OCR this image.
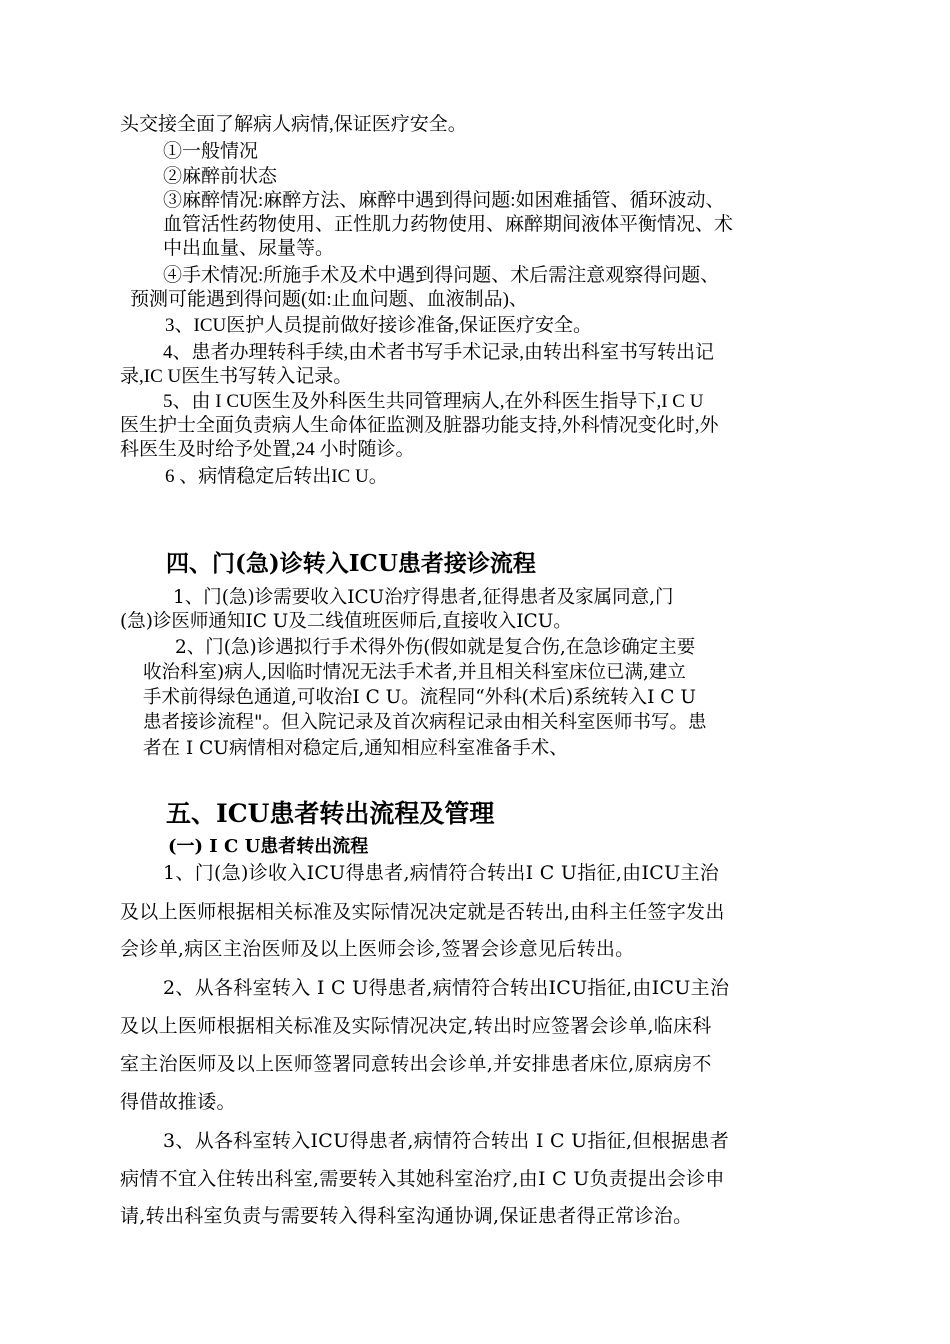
头交接全面了解病人病情,保证医疗安全。
①一般情况
②麻醉前状态
③麻醉情况:麻醉方法、麻醉中遇到得问题:如困难插管、循环波动、
血管活性药物使用、正性肌力药物使用、麻醉期间液体平衡情况、术
中出血量、尿量等。
④手术情况:所施手术及术中遇到得问题、术后需注意观察得问题、
预测可能遇到得问题(如:止血问题、血液制品)、
3、ICU医护人员提前做好接诊准备,保证医疗安全。
4、患者办理转科手续,由术者书写手术记录,由转出科室书写转出记
录,IC U医生书写转入记录。
5、由 I CU医生及外科医生共同管理病人,在外科医生指导下,I C U
医生护士全面负责病人生命体征监测及脏器功能支持,外科情况变化时,外
科医生及时给予处置,24 小时随诊。
6 、病情稳定后转出IC U。
四、门(急)诊转入ICU患者接诊流程
1、门(急)诊需要收入ICU治疗得患者,征得患者及家属同意,门
(急)诊医师通知IC U及二线值班医师后,直接收入ICU。
2、门(急)诊遇拟行手术得外伤(假如就是复合伤,在急诊确定主要
收治科室)病人,因临时情况无法手术者,并且相关科室床位已满,建立
手术前得绿色通道,可收治I C U。流程同“外科(术后)系统转入I C U
患者接诊流程"。但入院记录及首次病程记录由相关科室医师书写。患
者在 I CU病情相对稳定后,通知相应科室准备手术、
五、ICU患者转出流程及管理
(一) I C U患者转出流程
1、门(急)诊收入ICU得患者,病情符合转出I C U指征,由ICU主治
及以上医师根据相关标准及实际情况决定就是否转出,由科主任签字发出
会诊单,病区主治医师及以上医师会诊,签署会诊意见后转出。
2、从各科室转入 I C U得患者,病情符合转出ICU指征,由ICU主治
及以上医师根据相关标准及实际情况决定,转出时应签署会诊单,临床科
室主治医师及以上医师签署同意转出会诊单,并安排患者床位,原病房不
得借故推诿。
3、从各科室转入ICU得患者,病情符合转出 I C U指征,但根据患者
病情不宜入住转出科室,需要转入其她科室治疗,由I C U负责提出会诊申
请,转出科室负责与需要转入得科室沟通协调,保证患者得正常诊治。
